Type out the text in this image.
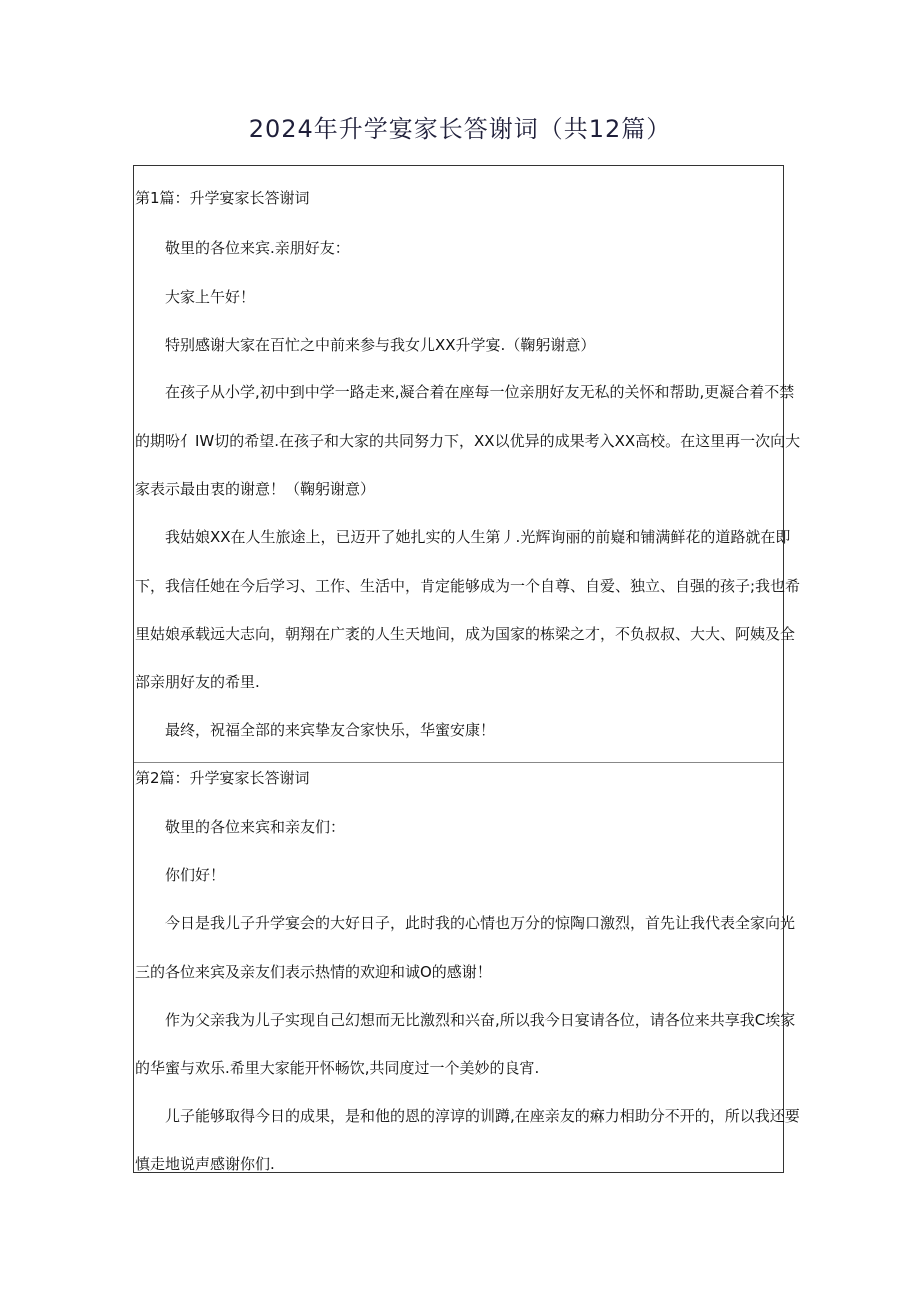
2024年升学宴家长答谢词（共12篇）
第1篇：升学宴家长答谢词
敬里的各位来宾.亲朋好友：
大家上午好！
特别感谢大家在百忙之中前来参与我女儿XX升学宴.（鞠躬谢意）
在孩子从小学,初中到中学一路走来,凝合着在座每一位亲朋好友无私的关怀和帮助,更凝合着不禁
的期吩亻IW切的希望.在孩子和大家的共同努力下，XX以优异的成果考入XX高校。在这里再一次向大
家表示最由衷的谢意！（鞠躬谢意）
我姑娘XX在人生旅途上，已迈开了她扎实的人生第丿.光辉询丽的前嶷和铺满鲜花的道路就在即
下，我信任她在今后学习、工作、生活中，肯定能够成为一个自尊、自爱、独立、自强的孩子;我也希
里姑娘承载远大志向，朝翔在广袤的人生天地间，成为国家的栋梁之才，不负叔叔、大大、阿姨及全
部亲朋好友的希里.
最终，祝福全部的来宾挚友合家快乐，华蜜安康！
第2篇：升学宴家长答谢词
敬里的各位来宾和亲友们：
你们好！
今日是我儿子升学宴会的大好日子，此时我的心情也万分的惊陶口激烈，首先让我代表全家向光
三的各位来宾及亲友们表示热情的欢迎和诚O的感谢！
作为父亲我为儿子实现自己幻想而无比激烈和兴奋,所以我今日宴请各位，请各位来共享我C埃家
的华蜜与欢乐.希里大家能开怀畅饮,共同度过一个美妙的良宵.
儿子能够取得今日的成果，是和他的恩的淳谆的训蹲,在座亲友的痳力相助分不开的，所以我还要
慎走地说声感谢你们.
